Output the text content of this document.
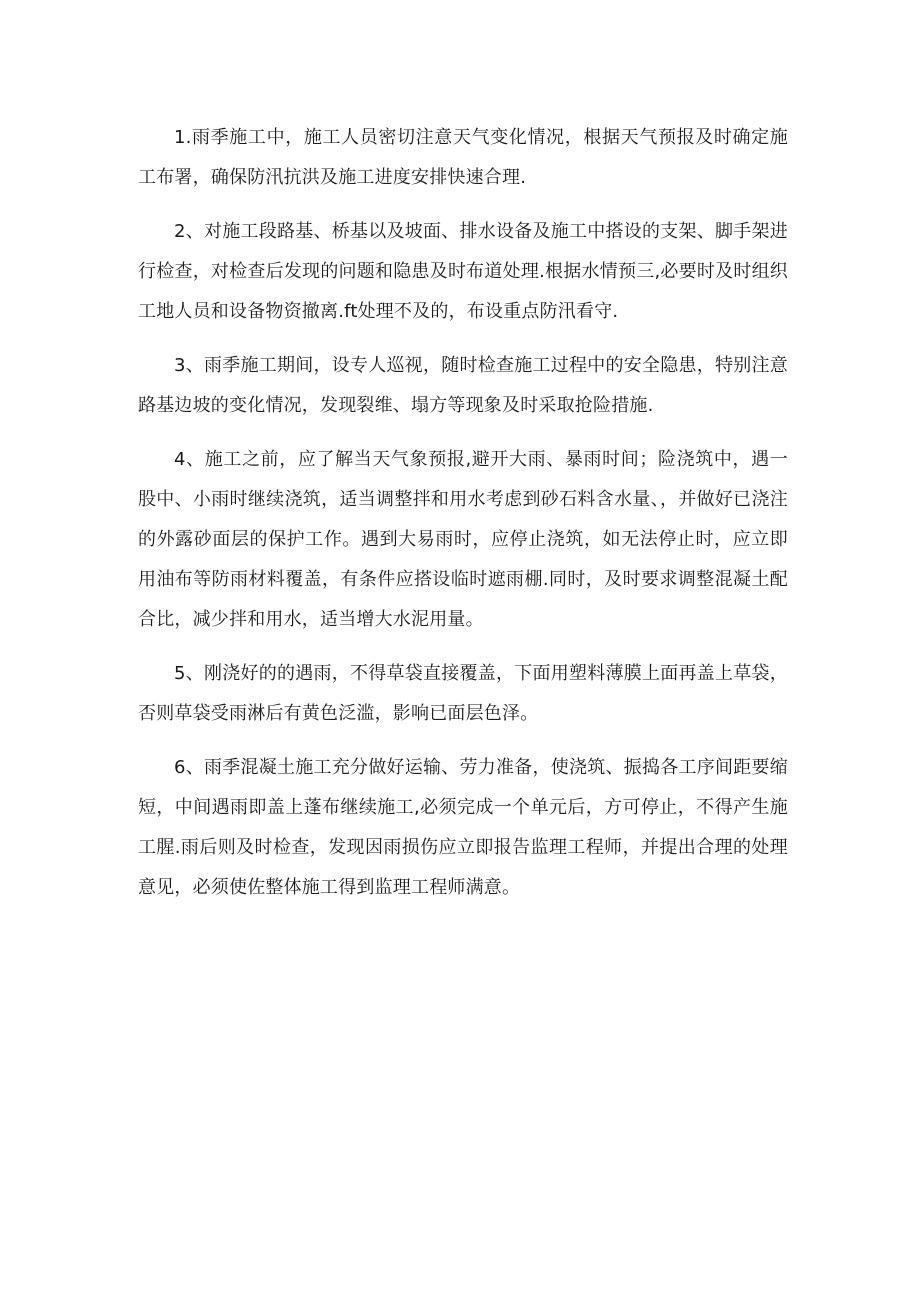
1.雨季施工中，施工人员密切注意天气变化情况，根据天气预报及时确定施工布署，确保防汛抗洪及施工进度安排快速合理.

2、对施工段路基、桥基以及坡面、排水设备及施工中搭设的支架、脚手架进行检查，对检查后发现的问题和隐患及时布道处理.根据水情预三,必要时及时组织工地人员和设备物资撤离.ft处理不及的，布设重点防汛看守.

3、雨季施工期间，设专人巡视，随时检查施工过程中的安全隐患，特别注意路基边坡的变化情况，发现裂维、塌方等现象及时采取抢险措施.

4、施工之前，应了解当天气象预报,避开大雨、暴雨时间；险浇筑中，遇一股中、小雨时继续浇筑，适当调整拌和用水考虑到砂石料含水量、，并做好已浇注的外露砂面层的保护工作。遇到大易雨时，应停止浇筑，如无法停止时，应立即用油布等防雨材料覆盖，有条件应搭设临时遮雨棚.同时，及时要求调整混凝土配合比，减少拌和用水，适当增大水泥用量。

5、刚浇好的的遇雨，不得草袋直接覆盖，下面用塑料薄膜上面再盖上草袋，否则草袋受雨淋后有黄色泛滥，影响已面层色泽。

6、雨季混凝土施工充分做好运输、劳力准备，使浇筑、振捣各工序间距要缩短，中间遇雨即盖上蓬布继续施工,必须完成一个单元后，方可停止，不得产生施工腥.雨后则及时检查，发现因雨损伤应立即报告监理工程师，并提出合理的处理意见，必须使佐整体施工得到监理工程师满意。
